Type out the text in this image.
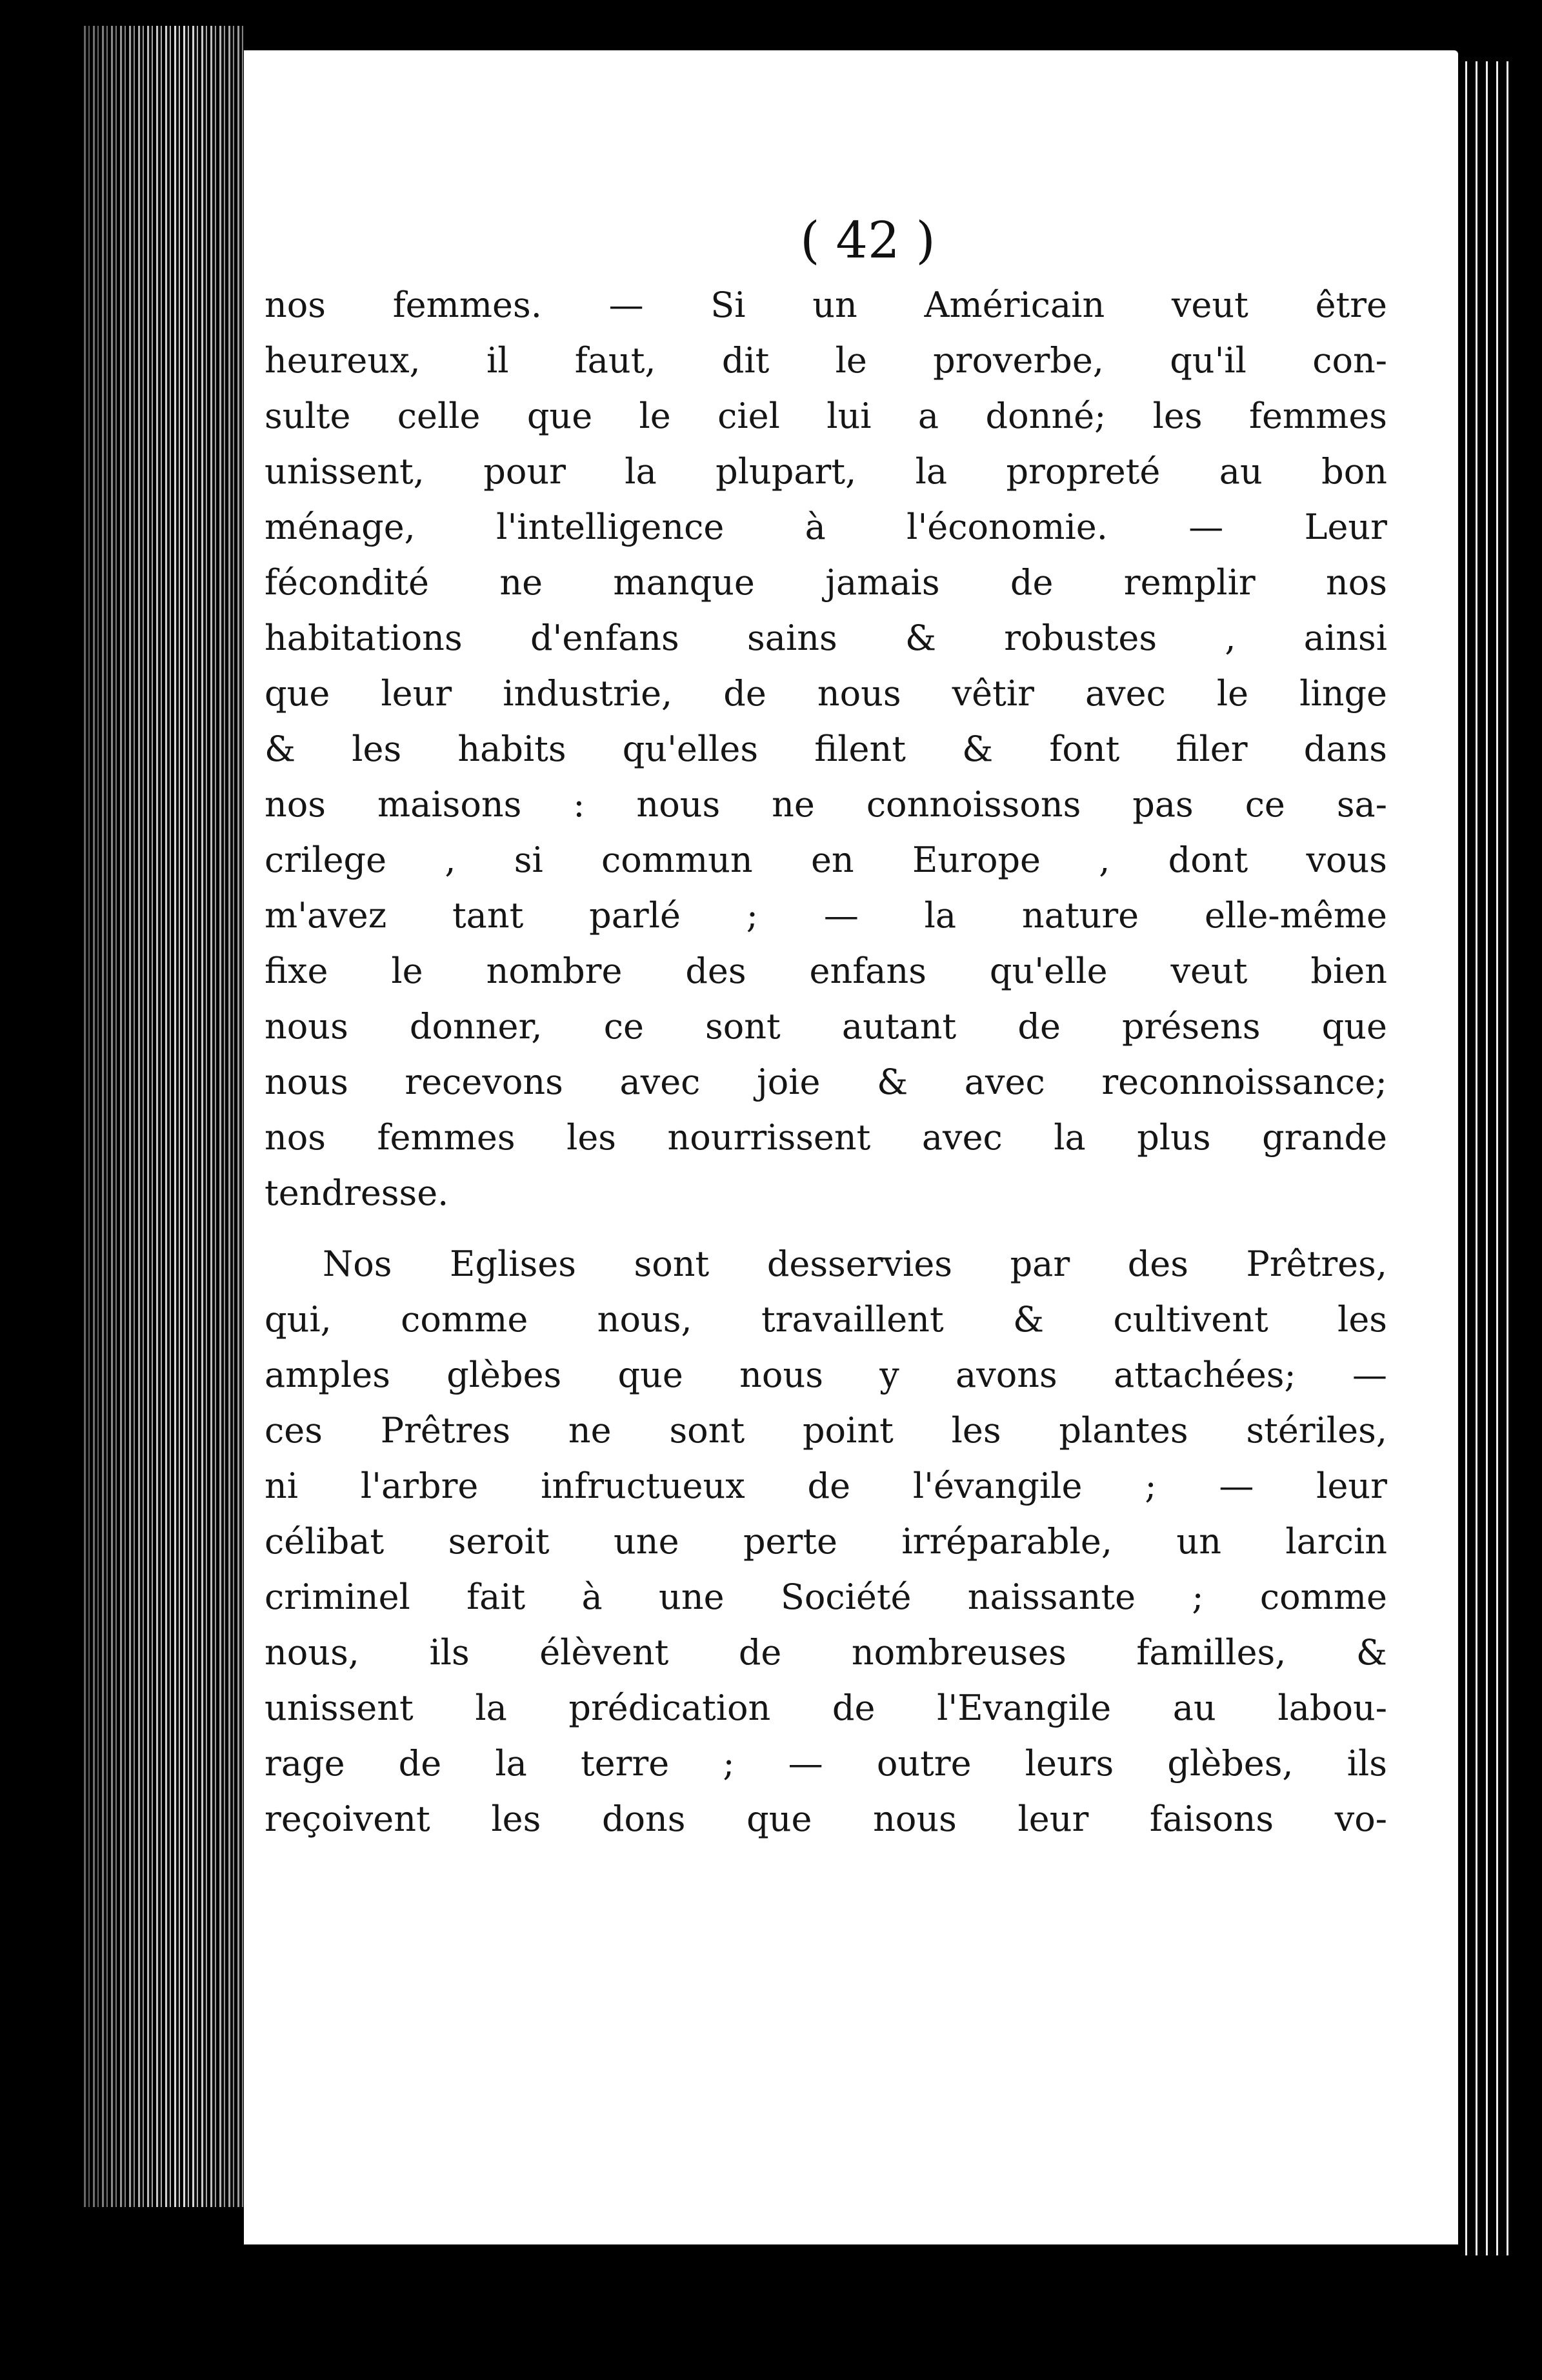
( 42 )
nos femmes. — Si un Américain veut être
heureux, il faut, dit le proverbe, qu'il con-
sulte celle que le ciel lui a donné; les femmes
unissent, pour la plupart, la propreté au bon
ménage, l'intelligence à l'économie. — Leur
fécondité ne manque jamais de remplir nos
habitations d'enfans sains & robustes , ainsi
que leur industrie, de nous vêtir avec le linge
& les habits qu'elles filent & font filer dans
nos maisons : nous ne connoissons pas ce sa-
crilege , si commun en Europe , dont vous
m'avez tant parlé ; — la nature elle-même
fixe le nombre des enfans qu'elle veut bien
nous donner, ce sont autant de présens que
nous recevons avec joie & avec reconnoissance;
nos femmes les nourrissent avec la plus grande
tendresse.
Nos Eglises sont desservies par des Prêtres,
qui, comme nous, travaillent & cultivent les
amples glèbes que nous y avons attachées; —
ces Prêtres ne sont point les plantes stériles,
ni l'arbre infructueux de l'évangile ; — leur
célibat seroit une perte irréparable, un larcin
criminel fait à une Société naissante ; comme
nous, ils élèvent de nombreuses familles, &
unissent la prédication de l'Evangile au labou-
rage de la terre ; — outre leurs glèbes, ils
reçoivent les dons que nous leur faisons vo-
